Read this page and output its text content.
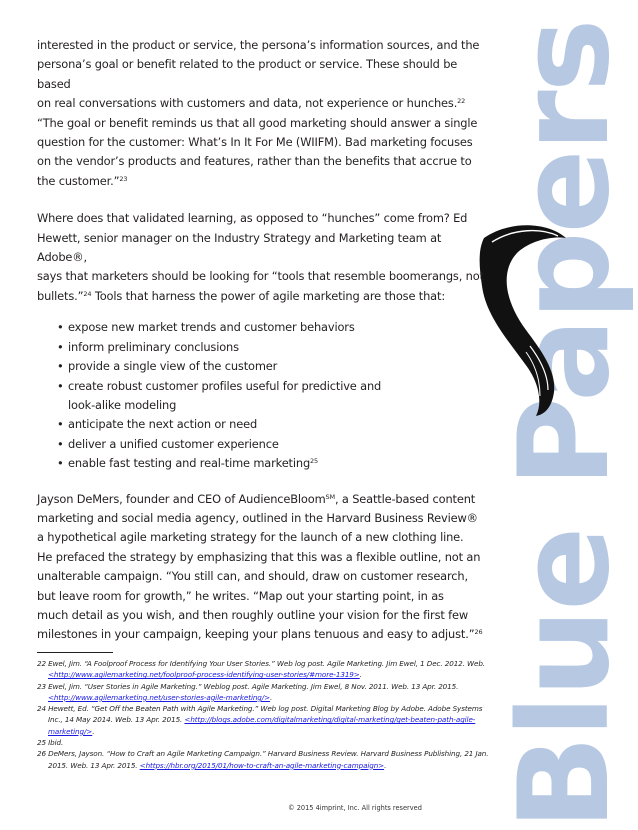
Blue Papers

interested in the product or service, the persona’s information sources, and the
persona’s goal or benefit related to the product or service. These should be based
on real conversations with customers and data, not experience or hunches.$^{22}$
“The goal or benefit reminds us that all good marketing should answer a single
question for the customer: What’s In It For Me (WIIFM). Bad marketing focuses
on the vendor’s products and features, rather than the benefits that accrue to
the customer.”$^{23}$

Where does that validated learning, as opposed to “hunches” come from? Ed
Hewett, senior manager on the Industry Strategy and Marketing team at Adobe®,
says that marketers should be looking for “tools that resemble boomerangs, not
bullets.”$^{24}$ Tools that harness the power of agile marketing are those that:

• expose new market trends and customer behaviors
• inform preliminary conclusions
• provide a single view of the customer
• create robust customer profiles useful for predictive and
look-alike modeling
• anticipate the next action or need
• deliver a unified customer experience
• enable fast testing and real-time marketing$^{25}$

Jayson DeMers, founder and CEO of AudienceBloom℠, a Seattle-based content
marketing and social media agency, outlined in the Harvard Business Review®
a hypothetical agile marketing strategy for the launch of a new clothing line.
He prefaced the strategy by emphasizing that this was a flexible outline, not an
unalterable campaign. “You still can, and should, draw on customer research,
but leave room for growth,” he writes. “Map out your starting point, in as
much detail as you wish, and then roughly outline your vision for the first few
milestones in your campaign, keeping your plans tenuous and easy to adjust.”$^{26}$

22 Ewel, Jim. “A Foolproof Process for Identifying Your User Stories.” Web log post. Agile Marketing. Jim Ewel, 1 Dec. 2012. Web. <http://www.agilemarketing.net/foolproof-process-identifying-user-stories/#more-1319>.
23 Ewel, Jim. “User Stories in Agile Marketing.” Weblog post. Agile Marketing. Jim Ewel, 8 Nov. 2011. Web. 13 Apr. 2015. <http://www.agilemarketing.net/user-stories-agile-marketing/>.
24 Hewett, Ed. “Get Off the Beaten Path with Agile Marketing.” Web log post. Digital Marketing Blog by Adobe. Adobe Systems Inc., 14 May 2014. Web. 13 Apr. 2015. <http://blogs.adobe.com/digitalmarketing/digital-marketing/get-beaten-path-agile-marketing/>.
25 Ibid.
26 DeMers, Jayson. “How to Craft an Agile Marketing Campaign.” Harvard Business Review. Harvard Business Publishing, 21 Jan. 2015. Web. 13 Apr. 2015. <https://hbr.org/2015/01/how-to-craft-an-agile-marketing-campaign>.
© 2015 4imprint, Inc. All rights reserved
